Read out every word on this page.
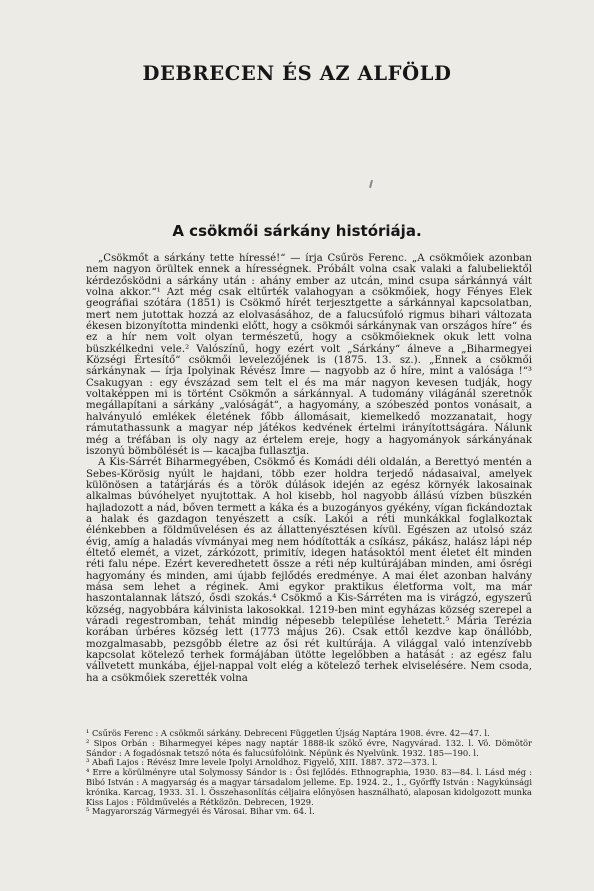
DEBRECEN ÉS AZ ALFÖLD
A csökmői sárkány históriája.

„Csökmőt a sárkány tette híressé!“ — írja Csűrös Ferenc. „A csökmőiek azonban nem nagyon örültek ennek a hírességnek. Próbált volna csak valaki a falubeliektől kérdezősködni a sárkány után : ahány ember az utcán, mind csupa sárkánnyá vált volna akkor.“¹ Azt még csak eltűrték valahogyan a csökmőiek, hogy Fényes Elek geográfiai szótára (1851) is Csökmő hírét terjesztgette a sárkánnyal kapcsolatban, mert nem jutottak hozzá az elolvasásához, de a falucsúfoló rigmus bihari változata ékesen bizonyította mindenki előtt, hogy a csökmői sárkánynak van országos híre“ és ez a hír nem volt olyan természetű, hogy a csökmőieknek okuk lett volna büszkélkedni vele.² Valószínű, hogy ezért volt „Sárkány“ álneve a „Biharmegyei Községi Értesítő“ csökmői levelezőjének is (1875. 13. sz.). „Ennek a csökmői sárkánynak — írja Ipolyinak Révész Imre — nagyobb az ő híre, mint a valósága !“³ Csakugyan : egy évszázad sem telt el és ma már nagyon kevesen tudják, hogy voltaképpen mi is történt Csökmőn a sárkánnyal. A tudomány világánál szeretnők megállapítani a sárkány „valóságát“, a hagyomány, a szóbeszéd pontos vonásait, a halványuló emlékek életének főbb állomásait, kiemelkedő mozzanatait, hogy rámutathassunk a magyar nép játékos kedvének értelmi irányítottságára. Nálunk még a tréfában is oly nagy az értelem ereje, hogy a hagyományok sárkányának iszonyú bömbölését is — kacajba fullasztja.

A Kis-Sárrét Biharmegyében, Csökmő és Komádi déli oldalán, a Berettyó mentén a Sebes-Körösig nyúlt le hajdani, több ezer holdra terjedő nádasaival, amelyek különösen a tatárjárás és a török dúlások idején az egész környék lakosainak alkalmas búvóhelyet nyujtottak. A hol kisebb, hol nagyobb állású vízben büszkén hajladozott a nád, bőven termett a káka és a buzogányos gyékény, vígan fickándoztak a halak és gazdagon tenyészett a csík. Lakói a réti munkákkal foglalkoztak élénkebben a földművelésen és az állattenyésztésen kívül. Egészen az utolsó száz évig, amíg a haladás vívmányai meg nem hódították a csíkász, pákász, halász lápi nép éltető elemét, a vizet, zárkózott, primitív, idegen hatásoktól ment életet élt minden réti falu népe. Ezért keveredhetett össze a réti nép kultúrájában minden, ami ősrégi hagyomány és minden, ami újabb fejlődés eredménye. A mai élet azonban halvány mása sem lehet a réginek. Ami egykor praktikus életforma volt, ma már haszontalannak látszó, ősdi szokás.⁴ Csökmő a Kis-Sárréten ma is virágzó, egyszerű község, nagyobbára kálvinista lakosokkal. 1219-ben mint egyházas község szerepel a váradi regestromban, tehát mindig népesebb települése lehetett.⁵ Mária Terézia korában úrbéres község lett (1773 május 26). Csak ettől kezdve kap önállóbb, mozgalmasabb, pezsgőbb életre az ősi rét kultúrája. A világgal való intenzívebb kapcsolat kötelező terhek formájában ütötte legelőbben a hatását : az egész falu vállvetett munkába, éjjel-nappal volt elég a kötelező terhek elviselésére. Nem csoda, ha a csökmőiek szerették volna

¹ Csűrös Ferenc : A csökmői sárkány. Debreceni Független Újság Naptára 1908. évre. 42—47. l.
² Sipos Orbán : Biharmegyei képes nagy naptár 1888-ik szökő évre, Nagyvárad. 132. l. Vö. Dömötör Sándor : A fogadósnak tetsző nóta és falucsúfolóink. Népünk és Nyelvünk. 1932. 185—190. l.
³ Abafi Lajos : Révész Imre levele Ipolyi Arnoldhoz. Figyelő, XIII. 1887. 372—373. l.
⁴ Erre a körülményre utal Solymossy Sándor is : Ősi fejlődés. Ethnographia, 1930. 83—84. l. Lásd még : Bibó István : A magyarság és a magyar társadalom jelleme. Ep. 1924. 2., 1., Győrffy István : Nagykúnsági krónika. Karcag, 1933. 31. l. Összehasonlítás céljaira előnyösen használható, alaposan kidolgozott munka Kiss Lajos : Földművelés a Rétközön. Debrecen, 1929.
⁵ Magyarország Vármegyéi és Városai. Bihar vm. 64. l.
